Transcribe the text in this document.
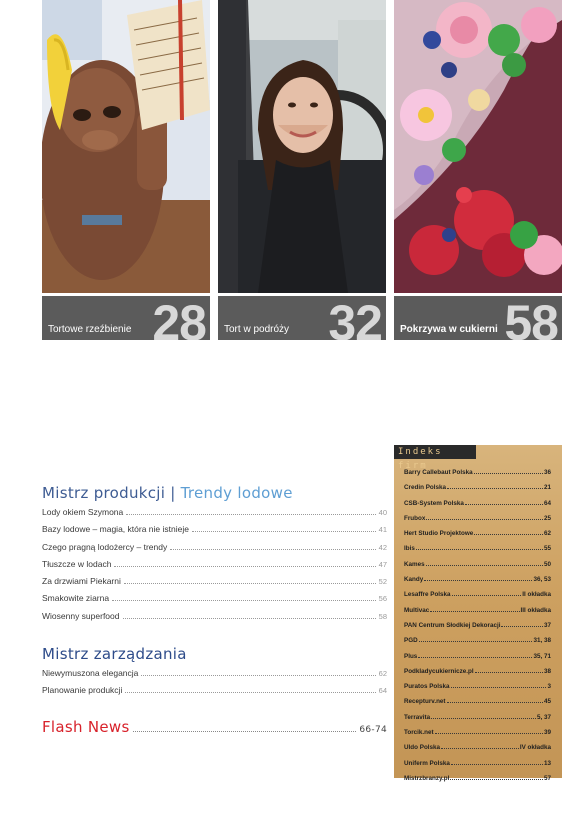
Tortowe rzeźbienie 28 Tort w podróży 32 Pokrzywa w cukierni 58
Mistrz produkcji | Trendy lodowe
Lody okiem Szymona	40
Bazy lodowe – magia, która nie istnieje	41
Czego pragną lodożercy – trendy	42
Tłuszcze w lodach	47
Za drzwiami Piekarni	52
Smakowite ziarna	56
Wiosenny superfood	58
Mistrz zarządzania
Niewymuszona elegancja	62
Planowanie produkcji	64
Flash News	66-74
Indeks firm
Barry Callebaut Polska	36
Credin Polska	21
CSB-System Polska	64
Frubox	25
Hert Studio Projektowe	62
Ibis	55
Kames	50
Kandy	36, 53
Lesaffre Polska	II okładka
Multivac	III okładka
PAN Centrum Słodkiej Dekoracji	37
PGD	31, 38
Plus	35, 71
Podkladycukiernicze.pl	38
Puratos Polska	3
Recepturv.net	45
Terravita	5, 37
Torcik.net	39
Uldo Polska	IV okładka
Uniferm Polska	13
Mistrzbranzy.pl	57
